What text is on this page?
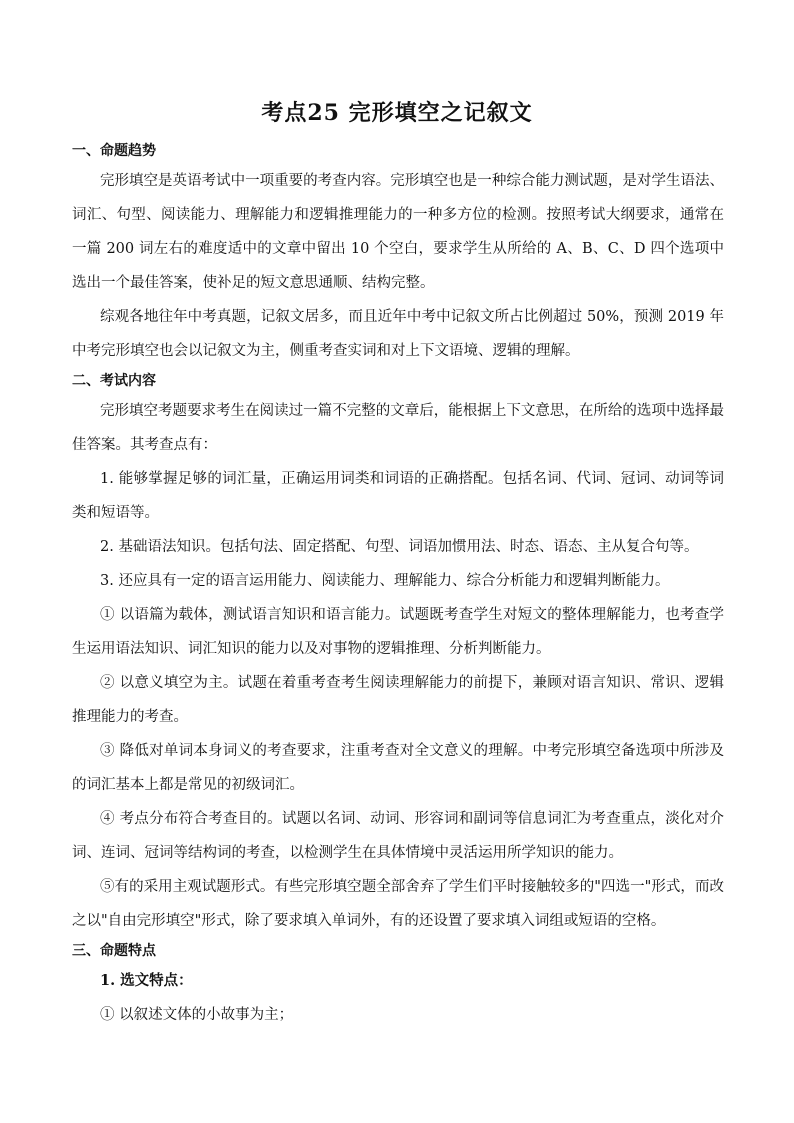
考点25 完形填空之记叙文
一、命题趋势

完形填空是英语考试中一项重要的考查内容。完形填空也是一种综合能力测试题，是对学生语法、词汇、句型、阅读能力、理解能力和逻辑推理能力的一种多方位的检测。按照考试大纲要求，通常在一篇 200 词左右的难度适中的文章中留出 10 个空白，要求学生从所给的 A、B、C、D 四个选项中选出一个最佳答案，使补足的短文意思通顺、结构完整。

综观各地往年中考真题，记叙文居多，而且近年中考中记叙文所占比例超过 50%，预测 2019 年中考完形填空也会以记叙文为主，侧重考查实词和对上下文语境、逻辑的理解。

二、考试内容

完形填空考题要求考生在阅读过一篇不完整的文章后，能根据上下文意思，在所给的选项中选择最佳答案。其考查点有：

1. 能够掌握足够的词汇量，正确运用词类和词语的正确搭配。包括名词、代词、冠词、动词等词类和短语等。

2. 基础语法知识。包括句法、固定搭配、句型、词语加惯用法、时态、语态、主从复合句等。

3. 还应具有一定的语言运用能力、阅读能力、理解能力、综合分析能力和逻辑判断能力。

① 以语篇为载体，测试语言知识和语言能力。试题既考查学生对短文的整体理解能力，也考查学生运用语法知识、词汇知识的能力以及对事物的逻辑推理、分析判断能力。

② 以意义填空为主。试题在着重考查考生阅读理解能力的前提下，兼顾对语言知识、常识、逻辑推理能力的考查。

③ 降低对单词本身词义的考查要求，注重考查对全文意义的理解。中考完形填空备选项中所涉及的词汇基本上都是常见的初级词汇。

④ 考点分布符合考查目的。试题以名词、动词、形容词和副词等信息词汇为考查重点，淡化对介词、连词、冠词等结构词的考查，以检测学生在具体情境中灵活运用所学知识的能力。

⑤有的采用主观试题形式。有些完形填空题全部舍弃了学生们平时接触较多的"四选一"形式，而改之以"自由完形填空"形式，除了要求填入单词外，有的还设置了要求填入词组或短语的空格。

三、命题特点
1. 选文特点：

① 以叙述文体的小故事为主；
